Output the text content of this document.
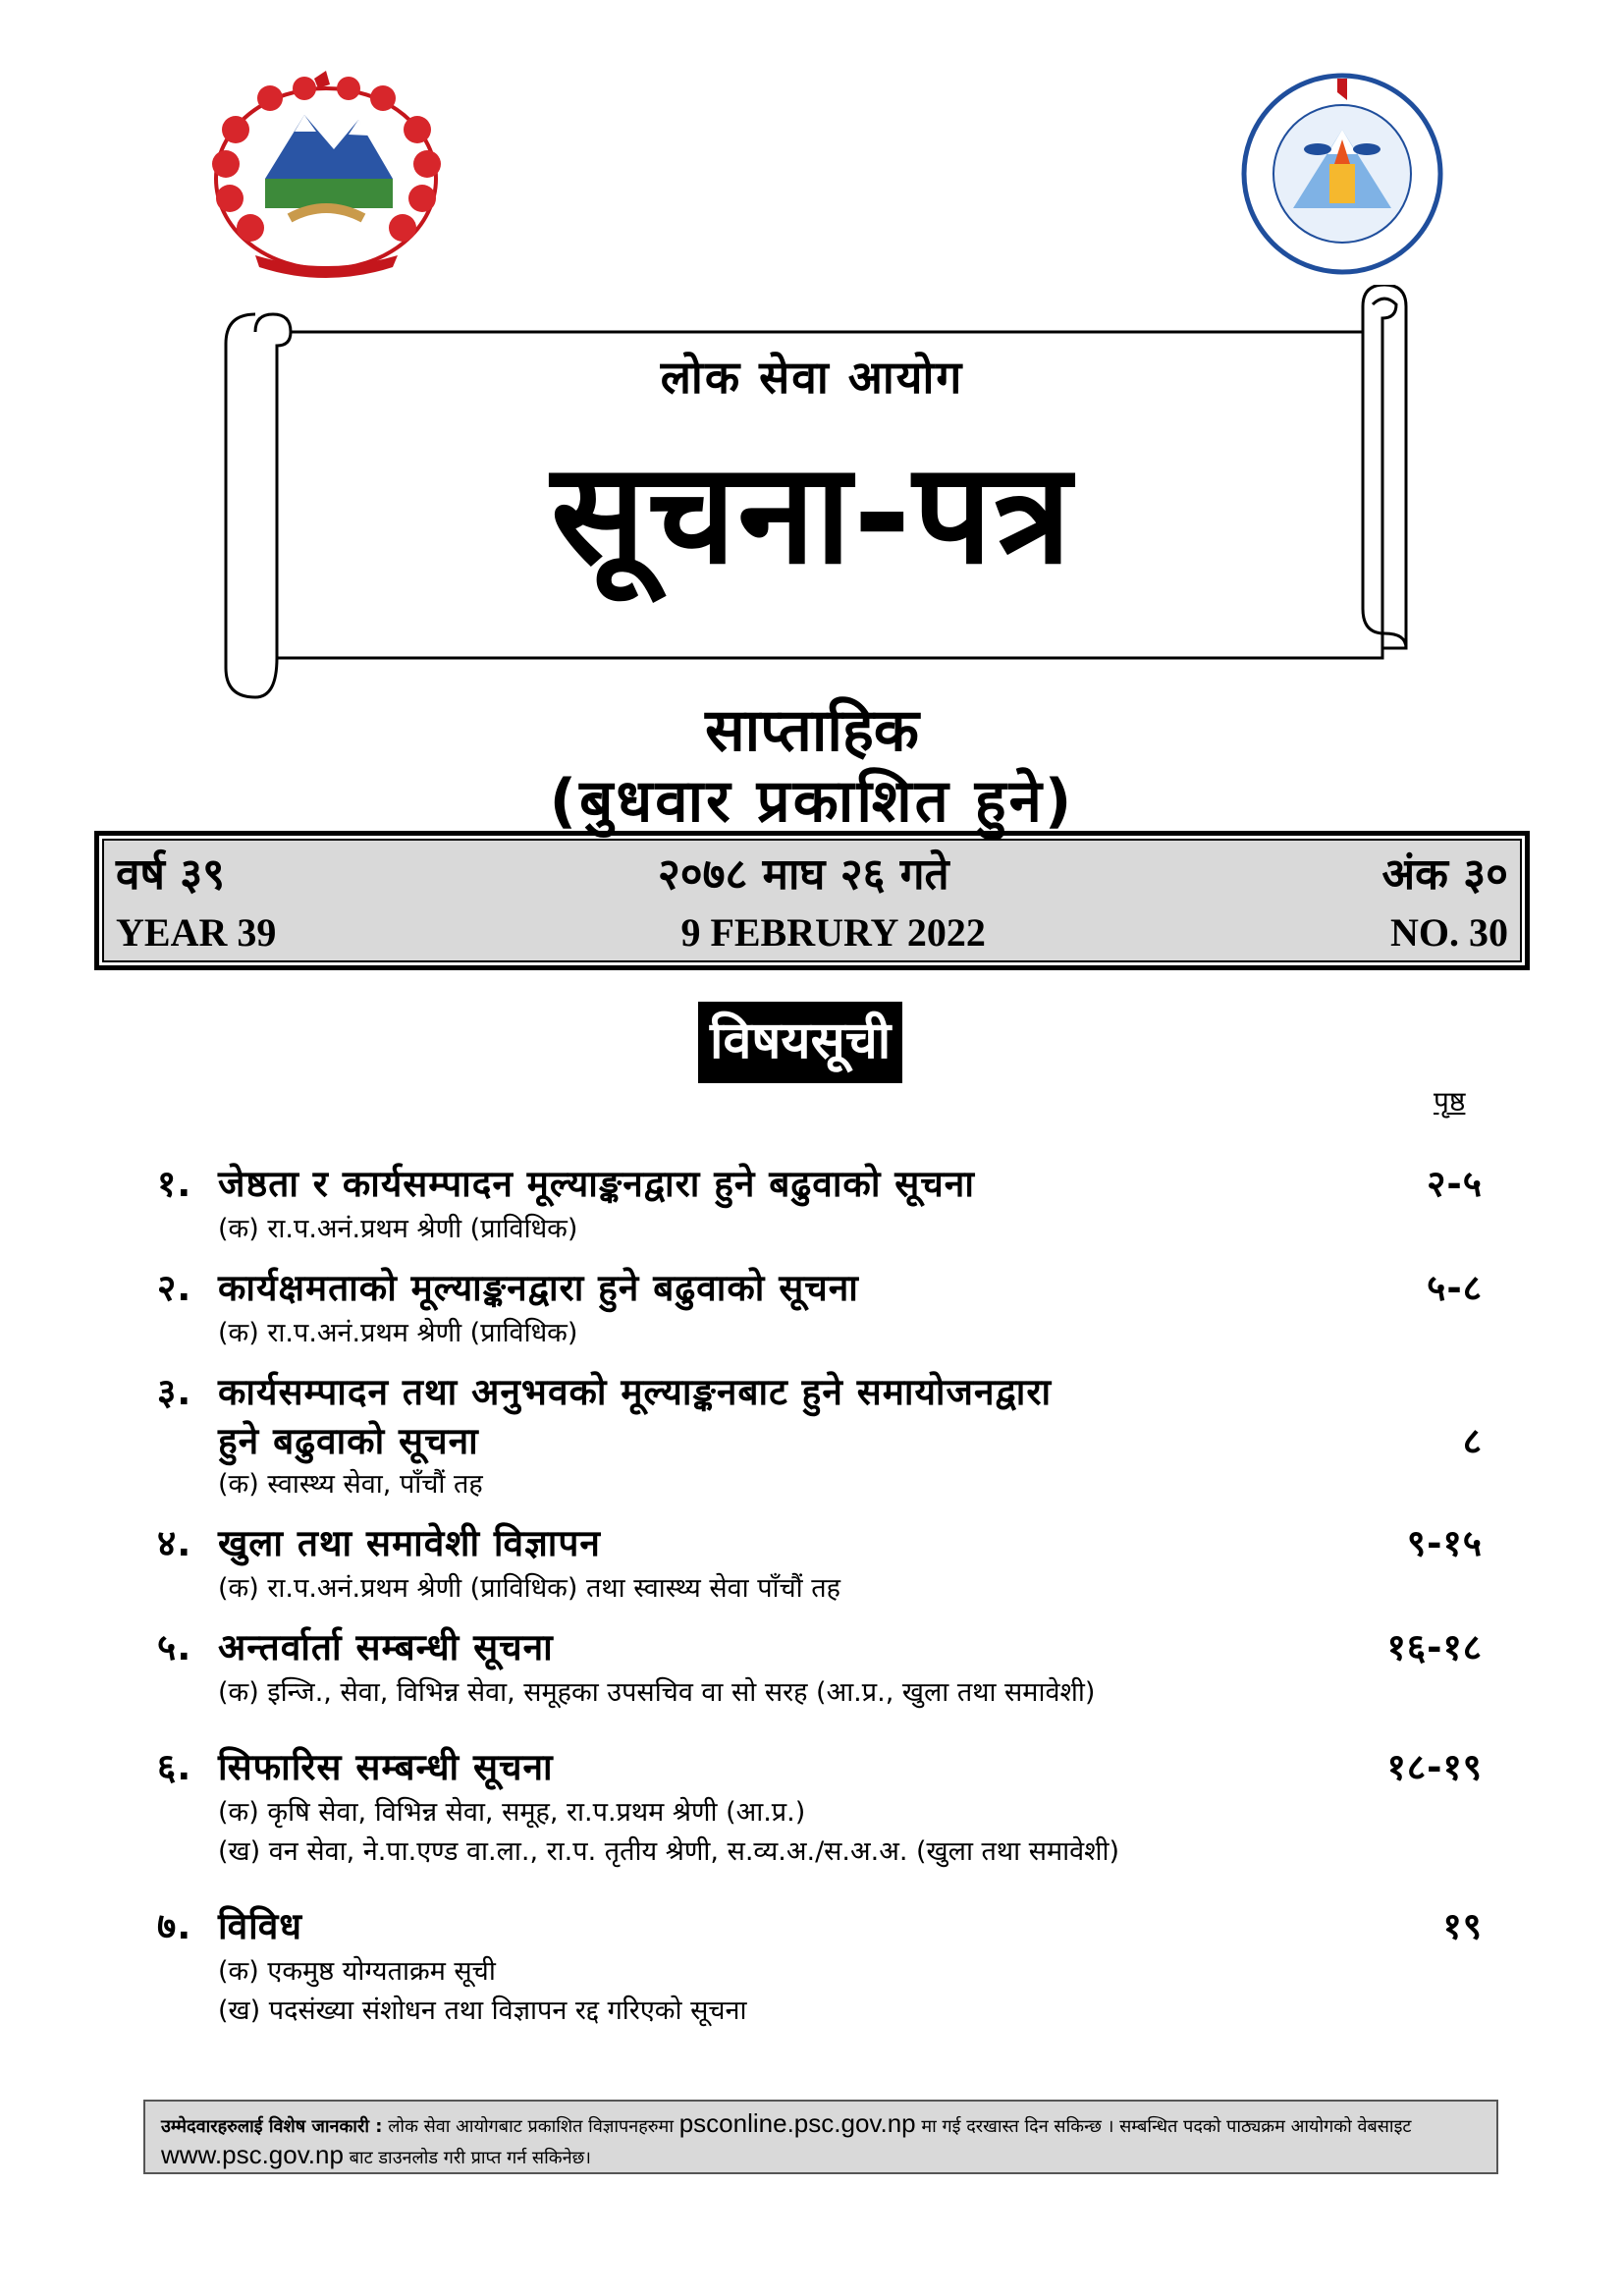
लोक सेवा आयोग
सूचना-पत्र
साप्ताहिक
(बुधवार प्रकाशित हुने)
वर्ष ३९	२०७८ माघ २६ गते	अंक ३०
YEAR 39	9 FEBRURY 2022	NO. 30
विषयसूची
पृष्ठ
१. जेष्ठता र कार्यसम्पादन मूल्याङ्कनद्वारा हुने बढुवाको सूचना	२-५
(क) रा.प.अनं.प्रथम श्रेणी (प्राविधिक)
२. कार्यक्षमताको मूल्याङ्कनद्वारा हुने बढुवाको सूचना	५-८
(क) रा.प.अनं.प्रथम श्रेणी (प्राविधिक)
३. कार्यसम्पादन तथा अनुभवको मूल्याङ्कनबाट हुने समायोजनद्वारा
हुने बढुवाको सूचना	८
(क) स्वास्थ्य सेवा, पाँचौं तह
४. खुला तथा समावेशी विज्ञापन	९-१५
(क) रा.प.अनं.प्रथम श्रेणी (प्राविधिक) तथा स्वास्थ्य सेवा पाँचौं तह
५. अन्तर्वार्ता सम्बन्धी सूचना	१६-१८
(क) इन्जि., सेवा, विभिन्न सेवा, समूहका उपसचिव वा सो सरह (आ.प्र., खुला तथा समावेशी)
६. सिफारिस सम्बन्धी सूचना	१८-१९
(क) कृषि सेवा, विभिन्न सेवा, समूह, रा.प.प्रथम श्रेणी (आ.प्र.)
(ख) वन सेवा, ने.पा.एण्ड वा.ला., रा.प. तृतीय श्रेणी, स.व्य.अ./स.अ.अ. (खुला तथा समावेशी)
७. विविध	१९
(क) एकमुष्ठ योग्यताक्रम सूची
(ख) पदसंख्या संशोधन तथा विज्ञापन रद्द गरिएको सूचना
उम्मेदवारहरुलाई विशेष जानकारी : लोक सेवा आयोगबाट प्रकाशित विज्ञापनहरुमा psconline.psc.gov.np मा गई दरखास्त दिन सकिन्छ । सम्बन्धित पदको पाठ्यक्रम आयोगको वेबसाइट www.psc.gov.np बाट डाउनलोड गरी प्राप्त गर्न सकिनेछ।
